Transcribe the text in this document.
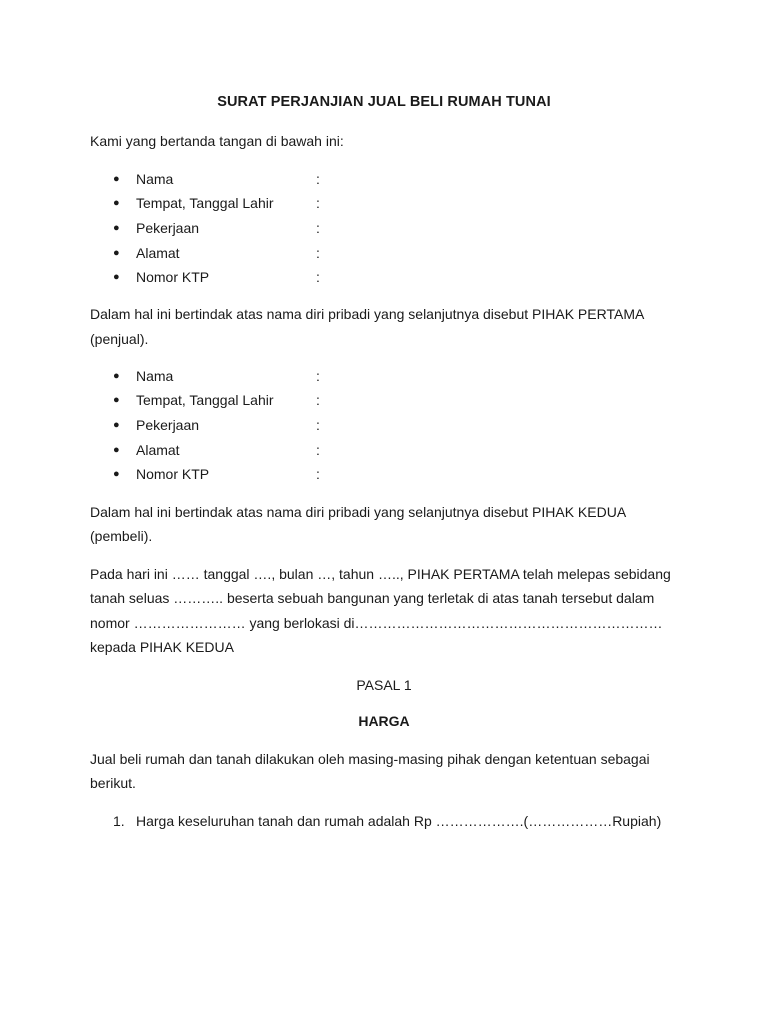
SURAT PERJANJIAN JUAL BELI RUMAH TUNAI
Kami yang bertanda tangan di bawah ini:
● Nama	:
● Tempat, Tanggal Lahir	:
● Pekerjaan	:
● Alamat	:
● Nomor KTP	:
Dalam hal ini bertindak atas nama diri pribadi yang selanjutnya disebut PIHAK PERTAMA
(penjual).
● Nama	:
● Tempat, Tanggal Lahir	:
● Pekerjaan	:
● Alamat	:
● Nomor KTP	:
Dalam hal ini bertindak atas nama diri pribadi yang selanjutnya disebut PIHAK KEDUA
(pembeli).
Pada hari ini …… tanggal …., bulan …, tahun ….., PIHAK PERTAMA telah melepas sebidang
tanah seluas ……….. beserta sebuah bangunan yang terletak di atas tanah tersebut dalam
nomor …………………… yang berlokasi di…………………………………………………………
kepada PIHAK KEDUA
PASAL 1
HARGA
Jual beli rumah dan tanah dilakukan oleh masing-masing pihak dengan ketentuan sebagai
berikut.
1. Harga keseluruhan tanah dan rumah adalah Rp ……………….(………………Rupiah)
